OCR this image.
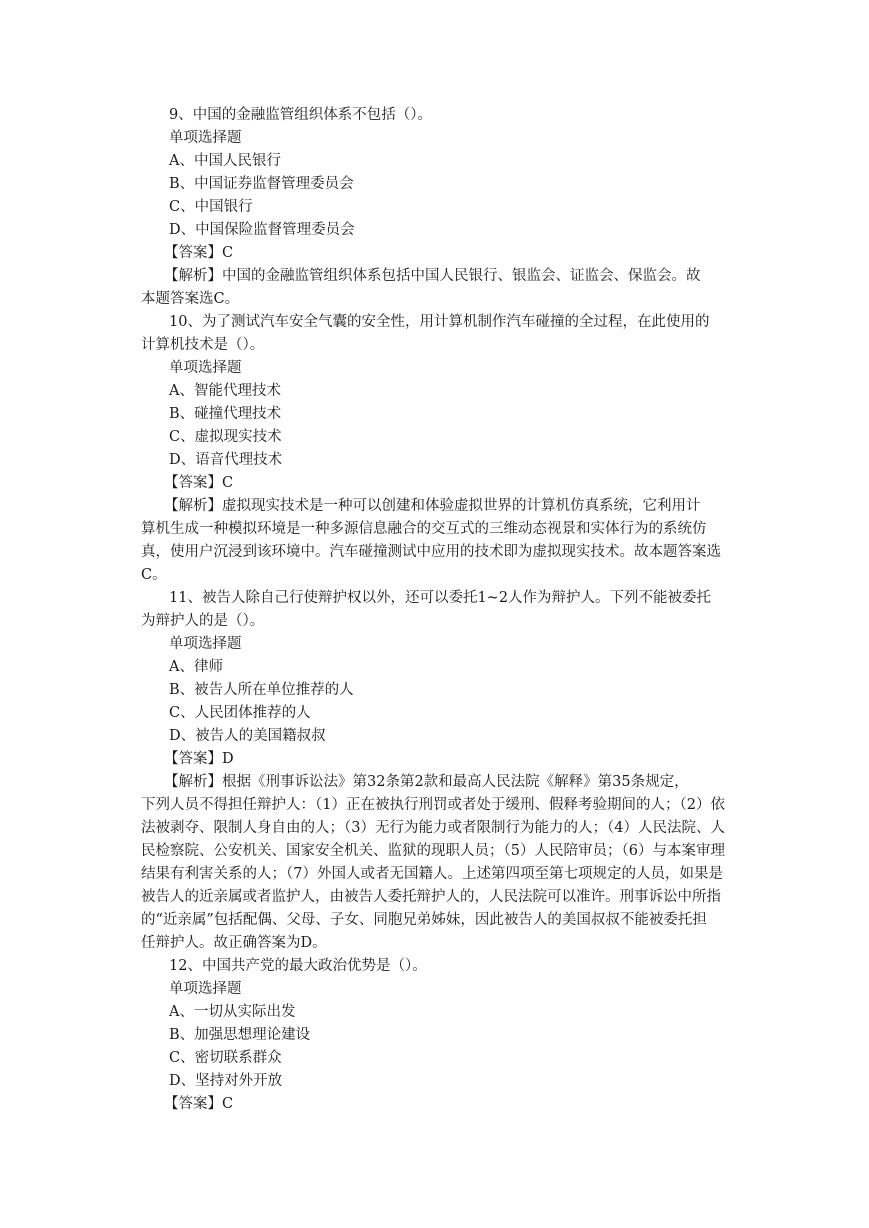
9、中国的金融监管组织体系不包括（）。
单项选择题
A、中国人民银行
B、中国证券监督管理委员会
C、中国银行
D、中国保险监督管理委员会
【答案】C
【解析】中国的金融监管组织体系包括中国人民银行、银监会、证监会、保监会。故
本题答案选C。
10、为了测试汽车安全气囊的安全性，用计算机制作汽车碰撞的全过程，在此使用的
计算机技术是（）。
单项选择题
A、智能代理技术
B、碰撞代理技术
C、虚拟现实技术
D、语音代理技术
【答案】C
【解析】虚拟现实技术是一种可以创建和体验虚拟世界的计算机仿真系统，它利用计
算机生成一种模拟环境是一种多源信息融合的交互式的三维动态视景和实体行为的系统仿
真，使用户沉浸到该环境中。汽车碰撞测试中应用的技术即为虚拟现实技术。故本题答案选
C。
11、被告人除自己行使辩护权以外，还可以委托1~2人作为辩护人。下列不能被委托
为辩护人的是（）。
单项选择题
A、律师
B、被告人所在单位推荐的人
C、人民团体推荐的人
D、被告人的美国籍叔叔
【答案】D
【解析】根据《刑事诉讼法》第32条第2款和最高人民法院《解释》第35条规定，
下列人员不得担任辩护人：（1）正在被执行刑罚或者处于缓刑、假释考验期间的人；（2）依
法被剥夺、限制人身自由的人；（3）无行为能力或者限制行为能力的人；（4）人民法院、人
民检察院、公安机关、国家安全机关、监狱的现职人员；（5）人民陪审员；（6）与本案审理
结果有利害关系的人；（7）外国人或者无国籍人。上述第四项至第七项规定的人员，如果是
被告人的近亲属或者监护人，由被告人委托辩护人的，人民法院可以准许。刑事诉讼中所指
的“近亲属”包括配偶、父母、子女、同胞兄弟姊妹，因此被告人的美国叔叔不能被委托担
任辩护人。故正确答案为D。
12、中国共产党的最大政治优势是（）。
单项选择题
A、一切从实际出发
B、加强思想理论建设
C、密切联系群众
D、坚持对外开放
【答案】C
